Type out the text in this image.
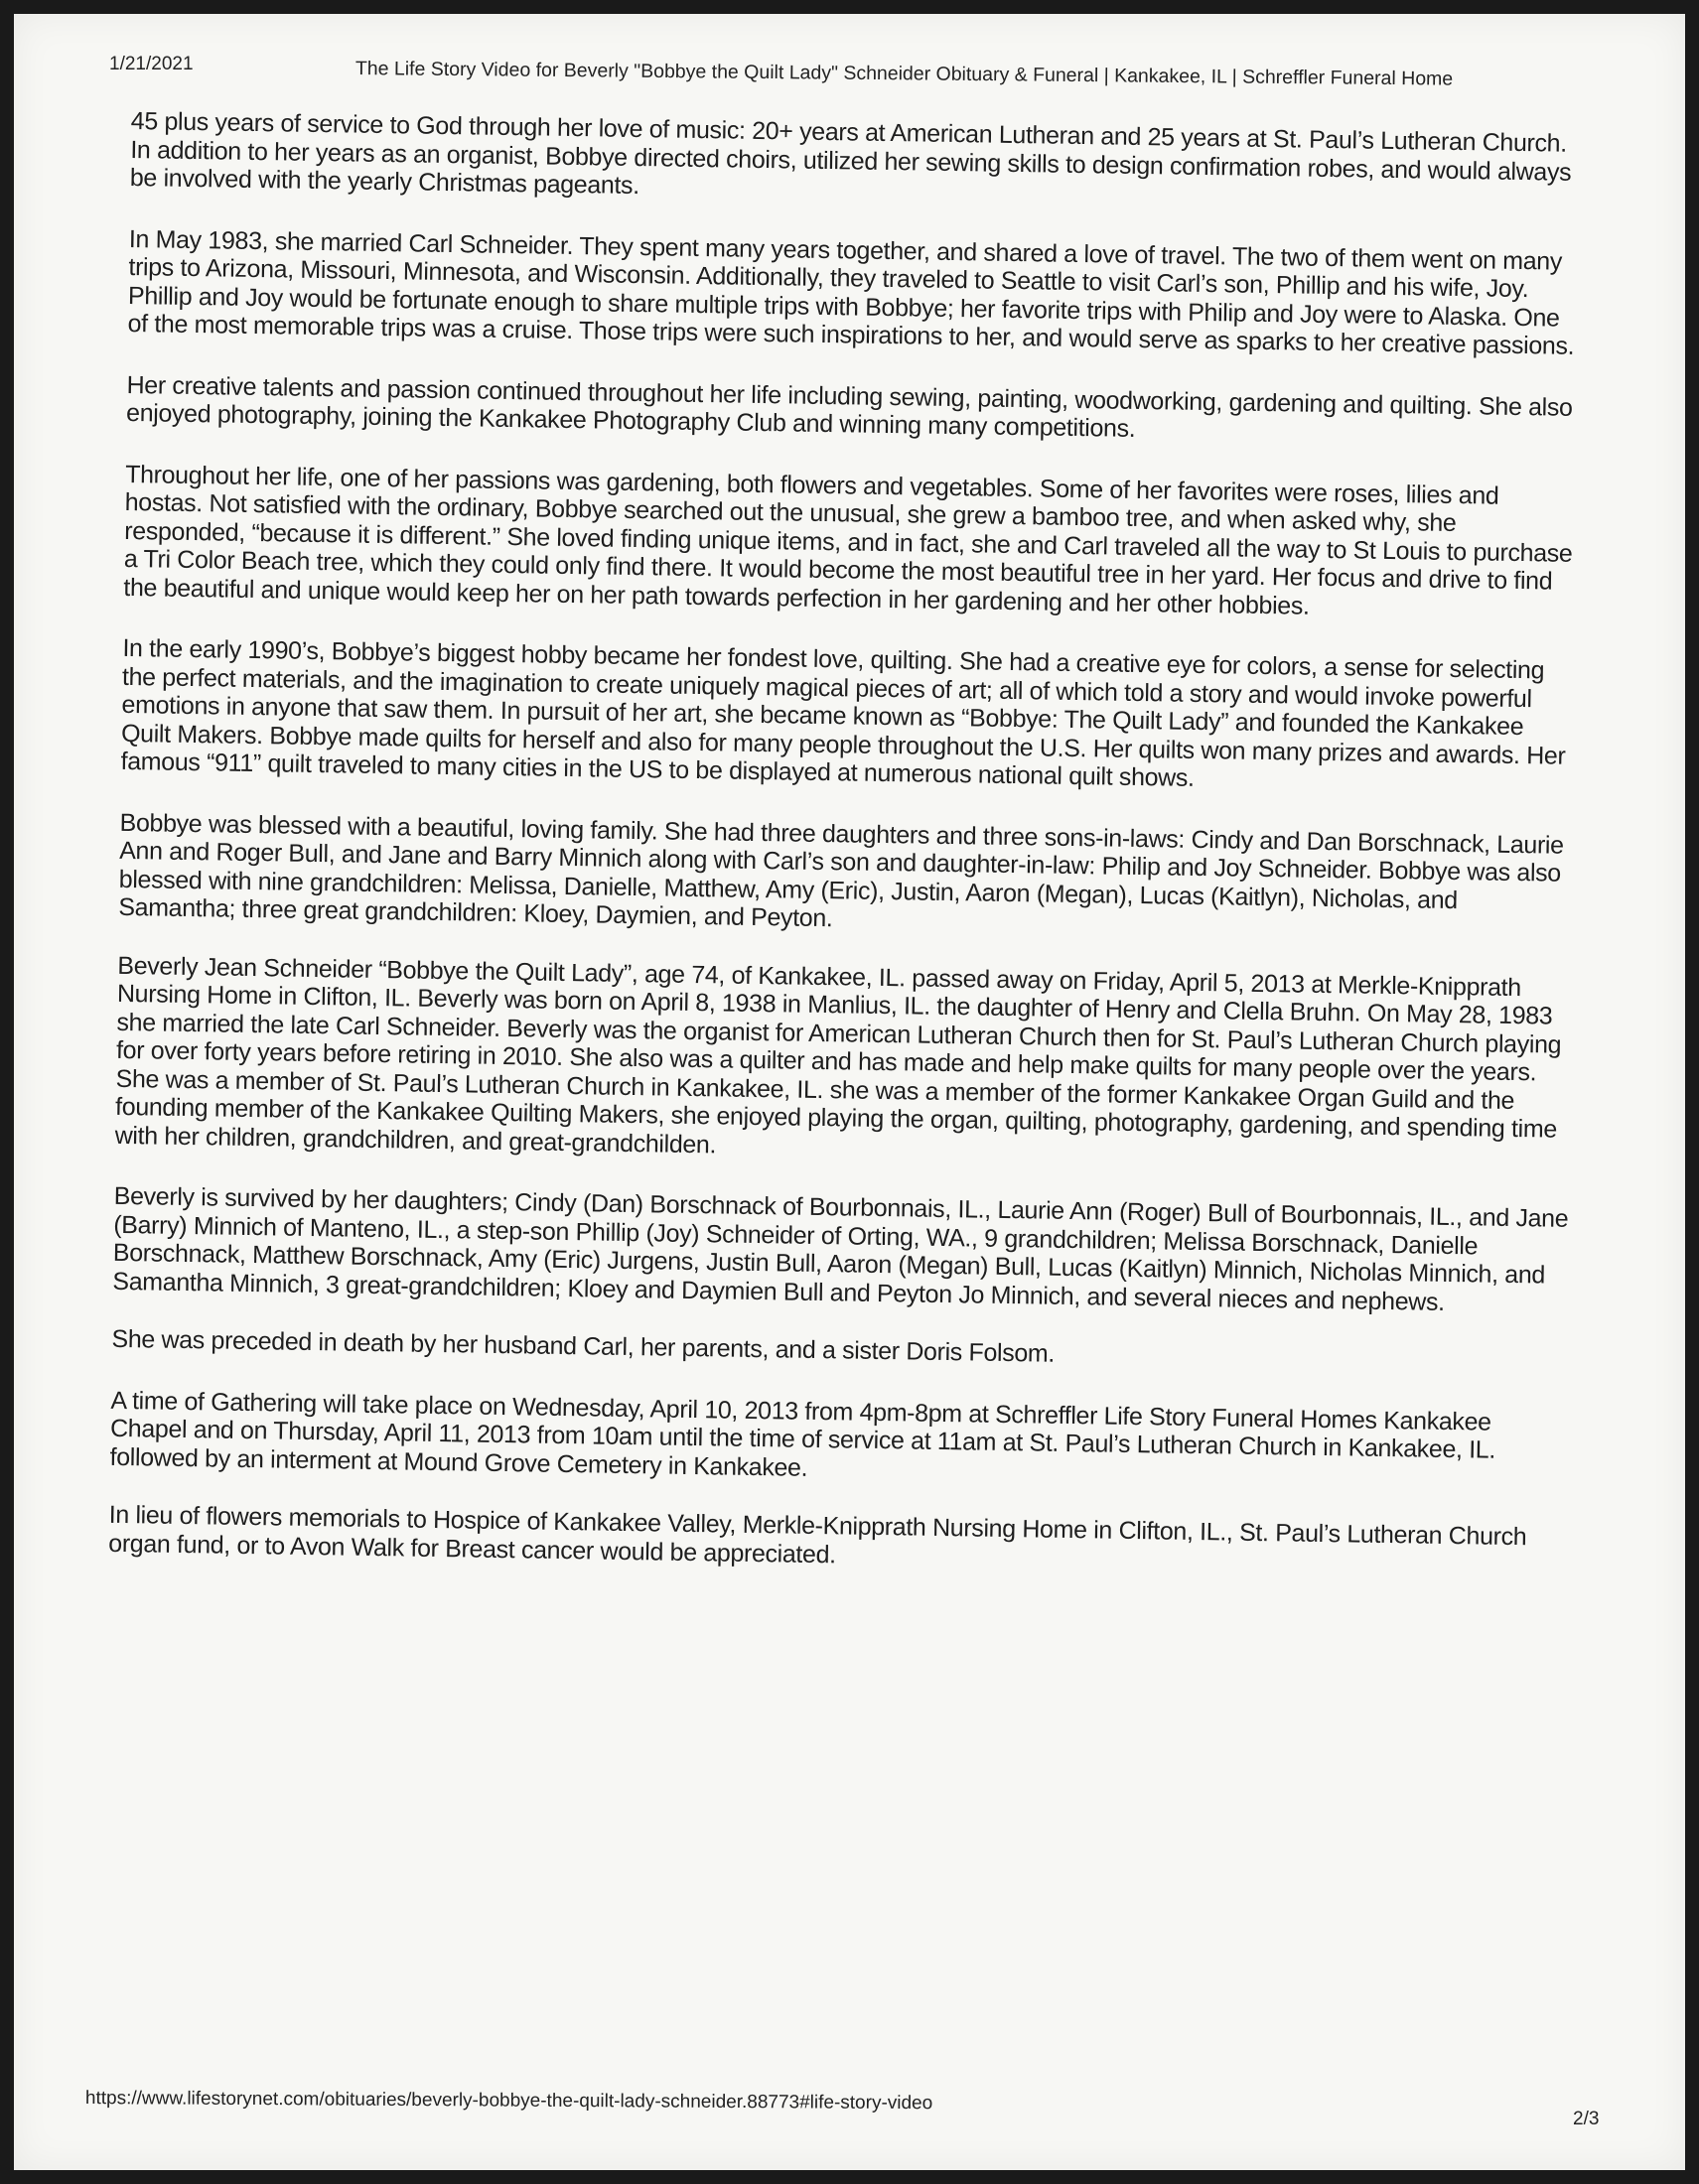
1/21/2021	The Life Story Video for Beverly "Bobbye the Quilt Lady" Schneider Obituary & Funeral | Kankakee, IL | Schreffler Funeral Home

45 plus years of service to God through her love of music: 20+ years at American Lutheran and 25 years at St. Paul’s Lutheran Church. In addition to her years as an organist, Bobbye directed choirs, utilized her sewing skills to design confirmation robes, and would always be involved with the yearly Christmas pageants.

In May 1983, she married Carl Schneider. They spent many years together, and shared a love of travel. The two of them went on many trips to Arizona, Missouri, Minnesota, and Wisconsin. Additionally, they traveled to Seattle to visit Carl’s son, Phillip and his wife, Joy. Phillip and Joy would be fortunate enough to share multiple trips with Bobbye; her favorite trips with Philip and Joy were to Alaska. One of the most memorable trips was a cruise. Those trips were such inspirations to her, and would serve as sparks to her creative passions.

Her creative talents and passion continued throughout her life including sewing, painting, woodworking, gardening and quilting. She also enjoyed photography, joining the Kankakee Photography Club and winning many competitions.

Throughout her life, one of her passions was gardening, both flowers and vegetables. Some of her favorites were roses, lilies and hostas. Not satisfied with the ordinary, Bobbye searched out the unusual, she grew a bamboo tree, and when asked why, she responded, “because it is different.” She loved finding unique items, and in fact, she and Carl traveled all the way to St Louis to purchase a Tri Color Beach tree, which they could only find there. It would become the most beautiful tree in her yard. Her focus and drive to find the beautiful and unique would keep her on her path towards perfection in her gardening and her other hobbies.

In the early 1990’s, Bobbye’s biggest hobby became her fondest love, quilting. She had a creative eye for colors, a sense for selecting the perfect materials, and the imagination to create uniquely magical pieces of art; all of which told a story and would invoke powerful emotions in anyone that saw them. In pursuit of her art, she became known as “Bobbye: The Quilt Lady” and founded the Kankakee Quilt Makers. Bobbye made quilts for herself and also for many people throughout the U.S. Her quilts won many prizes and awards. Her famous “911” quilt traveled to many cities in the US to be displayed at numerous national quilt shows.

Bobbye was blessed with a beautiful, loving family. She had three daughters and three sons-in-laws: Cindy and Dan Borschnack, Laurie Ann and Roger Bull, and Jane and Barry Minnich along with Carl’s son and daughter-in-law: Philip and Joy Schneider. Bobbye was also blessed with nine grandchildren: Melissa, Danielle, Matthew, Amy (Eric), Justin, Aaron (Megan), Lucas (Kaitlyn), Nicholas, and Samantha; three great grandchildren: Kloey, Daymien, and Peyton.

Beverly Jean Schneider “Bobbye the Quilt Lady”, age 74, of Kankakee, IL. passed away on Friday, April 5, 2013 at Merkle-Knipprath Nursing Home in Clifton, IL. Beverly was born on April 8, 1938 in Manlius, IL. the daughter of Henry and Clella Bruhn. On May 28, 1983 she married the late Carl Schneider. Beverly was the organist for American Lutheran Church then for St. Paul’s Lutheran Church playing for over forty years before retiring in 2010. She also was a quilter and has made and help make quilts for many people over the years. She was a member of St. Paul’s Lutheran Church in Kankakee, IL. she was a member of the former Kankakee Organ Guild and the founding member of the Kankakee Quilting Makers, she enjoyed playing the organ, quilting, photography, gardening, and spending time with her children, grandchildren, and great-grandchilden.

Beverly is survived by her daughters; Cindy (Dan) Borschnack of Bourbonnais, IL., Laurie Ann (Roger) Bull of Bourbonnais, IL., and Jane (Barry) Minnich of Manteno, IL., a step-son Phillip (Joy) Schneider of Orting, WA., 9 grandchildren; Melissa Borschnack, Danielle Borschnack, Matthew Borschnack, Amy (Eric) Jurgens, Justin Bull, Aaron (Megan) Bull, Lucas (Kaitlyn) Minnich, Nicholas Minnich, and Samantha Minnich, 3 great-grandchildren; Kloey and Daymien Bull and Peyton Jo Minnich, and several nieces and nephews.

She was preceded in death by her husband Carl, her parents, and a sister Doris Folsom.

A time of Gathering will take place on Wednesday, April 10, 2013 from 4pm-8pm at Schreffler Life Story Funeral Homes Kankakee Chapel and on Thursday, April 11, 2013 from 10am until the time of service at 11am at St. Paul’s Lutheran Church in Kankakee, IL. followed by an interment at Mound Grove Cemetery in Kankakee.

In lieu of flowers memorials to Hospice of Kankakee Valley, Merkle-Knipprath Nursing Home in Clifton, IL., St. Paul’s Lutheran Church organ fund, or to Avon Walk for Breast cancer would be appreciated.

https://www.lifestorynet.com/obituaries/beverly-bobbye-the-quilt-lady-schneider.88773#life-story-video
2/3
